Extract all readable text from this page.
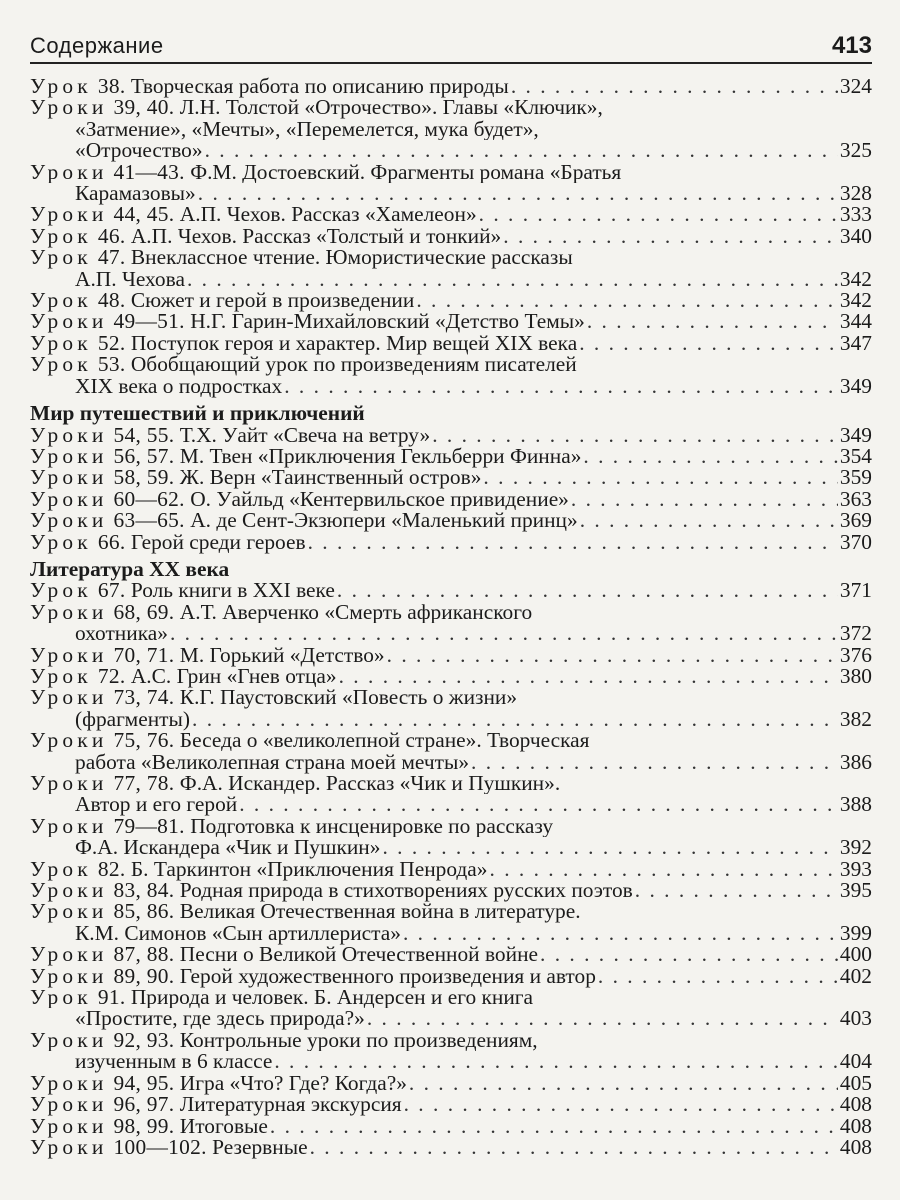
Содержание	413
Урок 38. Творческая работа по описанию природы . . .	324
Уроки 39, 40. Л.Н. Толстой «Отрочество». Главы «Ключик»,
«Затмение», «Мечты», «Перемелется, мука будет»,
«Отрочество» . . .	325
Уроки 41—43. Ф.М. Достоевский. Фрагменты романа «Братья
Карамазовы» . . .	328
Уроки 44, 45. А.П. Чехов. Рассказ «Хамелеон» . . .	333
Урок 46. А.П. Чехов. Рассказ «Толстый и тонкий» . . .	340
Урок 47. Внеклассное чтение. Юмористические рассказы
А.П. Чехова . . .	342
Урок 48. Сюжет и герой в произведении . . .	342
Уроки 49—51. Н.Г. Гарин-Михайловский «Детство Темы» . . .	344
Урок 52. Поступок героя и характер. Мир вещей XIX века . . .	347
Урок 53. Обобщающий урок по произведениям писателей
XIX века о подростках . . .	349
Мир путешествий и приключений
Уроки 54, 55. Т.Х. Уайт «Свеча на ветру» . . .	349
Уроки 56, 57. М. Твен «Приключения Гекльберри Финна» . . .	354
Уроки 58, 59. Ж. Верн «Таинственный остров» . . .	359
Уроки 60—62. О. Уайльд «Кентервильское привидение» . . .	363
Уроки 63—65. А. де Сент-Экзюпери «Маленький принц» . . .	369
Урок 66. Герой среди героев . . .	370
Литература XX века
Урок 67. Роль книги в XXI веке . . .	371
Уроки 68, 69. А.Т. Аверченко «Смерть африканского
охотника» . . .	372
Уроки 70, 71. М. Горький «Детство» . . .	376
Урок 72. А.С. Грин «Гнев отца» . . .	380
Уроки 73, 74. К.Г. Паустовский «Повесть о жизни»
(фрагменты) . . .	382
Уроки 75, 76. Беседа о «великолепной стране». Творческая
работа «Великолепная страна моей мечты» . . .	386
Уроки 77, 78. Ф.А. Искандер. Рассказ «Чик и Пушкин».
Автор и его герой . . .	388
Уроки 79—81. Подготовка к инсценировке по рассказу
Ф.А. Искандера «Чик и Пушкин» . . .	392
Урок 82. Б. Таркинтон «Приключения Пенрода» . . .	393
Уроки 83, 84. Родная природа в стихотворениях русских поэтов . . .	395
Уроки 85, 86. Великая Отечественная война в литературе.
К.М. Симонов «Сын артиллериста» . . .	399
Уроки 87, 88. Песни о Великой Отечественной войне . . .	400
Уроки 89, 90. Герой художественного произведения и автор . . .	402
Урок 91. Природа и человек. Б. Андерсен и его книга
«Простите, где здесь природа?» . . .	403
Уроки 92, 93. Контрольные уроки по произведениям,
изученным в 6 классе . . .	404
Уроки 94, 95. Игра «Что? Где? Когда?» . . .	405
Уроки 96, 97. Литературная экскурсия . . .	408
Уроки 98, 99. Итоговые . . .	408
Уроки 100—102. Резервные . . .	408
